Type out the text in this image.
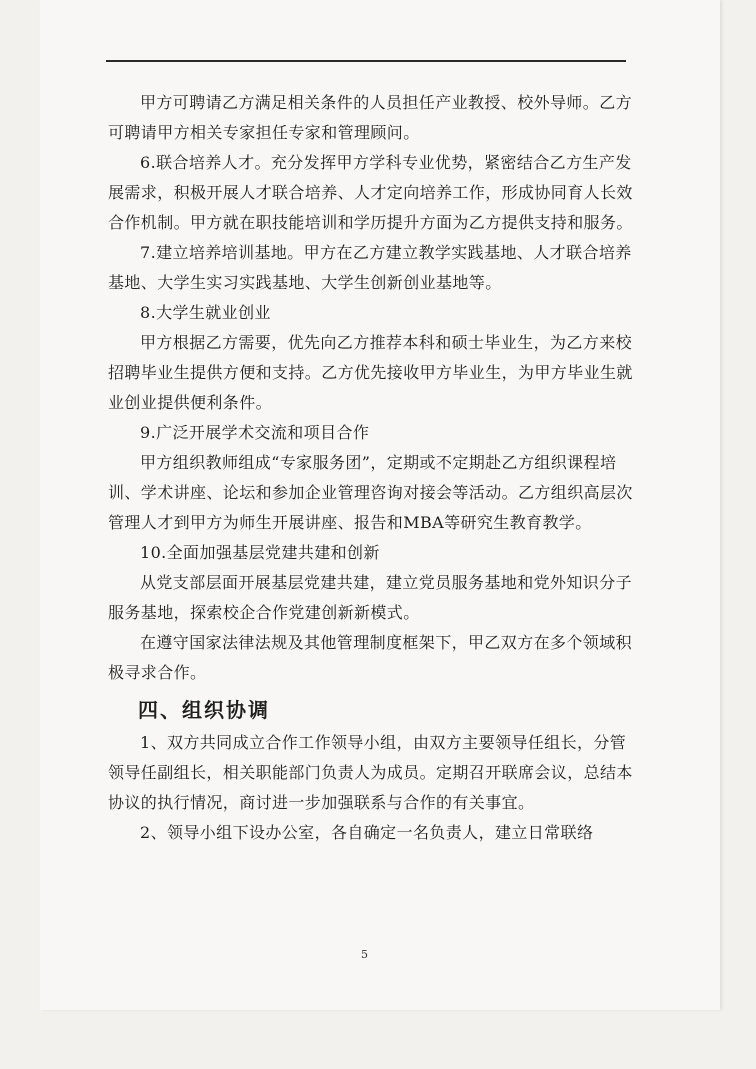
甲方可聘请乙方满足相关条件的人员担任产业教授、校外导师。乙方可聘请甲方相关专家担任专家和管理顾问。

6.联合培养人才。充分发挥甲方学科专业优势，紧密结合乙方生产发展需求，积极开展人才联合培养、人才定向培养工作，形成协同育人长效合作机制。甲方就在职技能培训和学历提升方面为乙方提供支持和服务。

7.建立培养培训基地。甲方在乙方建立教学实践基地、人才联合培养基地、大学生实习实践基地、大学生创新创业基地等。

8.大学生就业创业

甲方根据乙方需要，优先向乙方推荐本科和硕士毕业生，为乙方来校招聘毕业生提供方便和支持。乙方优先接收甲方毕业生，为甲方毕业生就业创业提供便利条件。

9.广泛开展学术交流和项目合作

甲方组织教师组成“专家服务团”，定期或不定期赴乙方组织课程培训、学术讲座、论坛和参加企业管理咨询对接会等活动。乙方组织高层次管理人才到甲方为师生开展讲座、报告和MBA等研究生教育教学。

10.全面加强基层党建共建和创新

从党支部层面开展基层党建共建，建立党员服务基地和党外知识分子服务基地，探索校企合作党建创新新模式。

在遵守国家法律法规及其他管理制度框架下，甲乙双方在多个领域积极寻求合作。

四、组织协调

1、双方共同成立合作工作领导小组，由双方主要领导任组长，分管领导任副组长，相关职能部门负责人为成员。定期召开联席会议，总结本协议的执行情况，商讨进一步加强联系与合作的有关事宜。

2、领导小组下设办公室，各自确定一名负责人，建立日常联络

5
